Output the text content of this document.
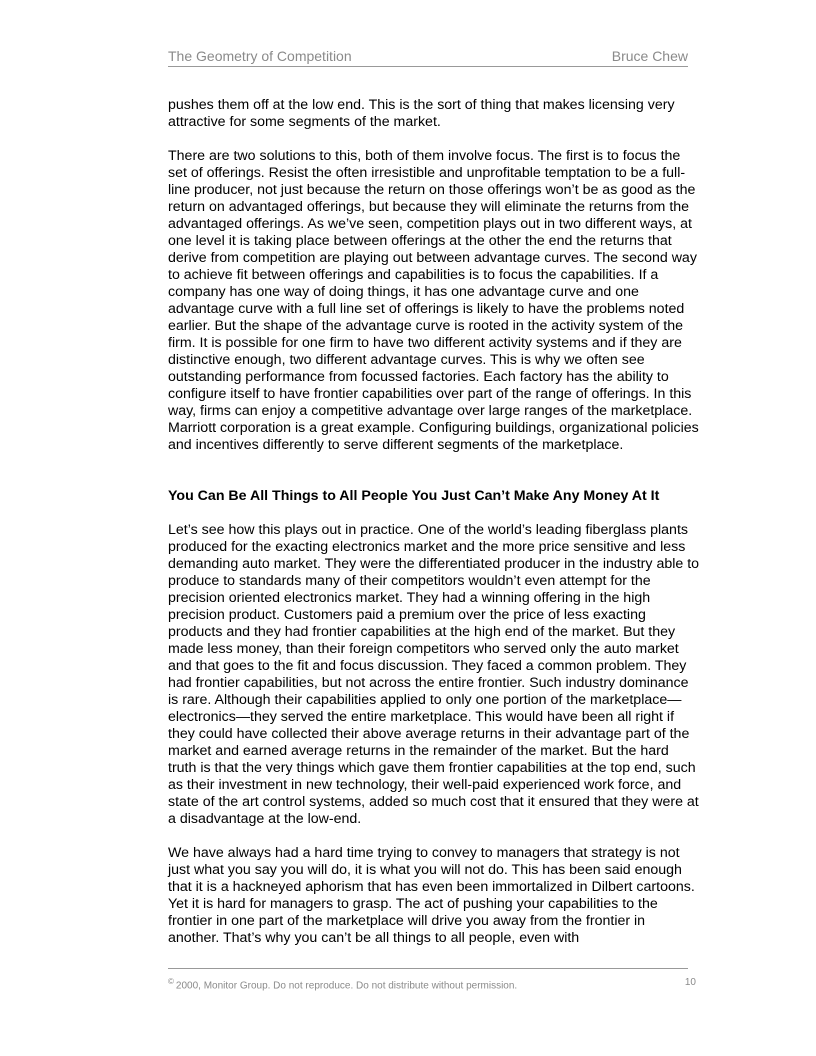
The Geometry of Competition	Bruce Chew

pushes them off at the low end. This is the sort of thing that makes licensing very attractive for some segments of the market.

There are two solutions to this, both of them involve focus. The first is to focus the set of offerings. Resist the often irresistible and unprofitable temptation to be a full-line producer, not just because the return on those offerings won’t be as good as the return on advantaged offerings, but because they will eliminate the returns from the advantaged offerings. As we’ve seen, competition plays out in two different ways, at one level it is taking place between offerings at the other the end the returns that derive from competition are playing out between advantage curves. The second way to achieve fit between offerings and capabilities is to focus the capabilities. If a company has one way of doing things, it has one advantage curve and one advantage curve with a full line set of offerings is likely to have the problems noted earlier. But the shape of the advantage curve is rooted in the activity system of the firm. It is possible for one firm to have two different activity systems and if they are distinctive enough, two different advantage curves. This is why we often see outstanding performance from focussed factories. Each factory has the ability to configure itself to have frontier capabilities over part of the range of offerings. In this way, firms can enjoy a competitive advantage over large ranges of the marketplace. Marriott corporation is a great example. Configuring buildings, organizational policies and incentives differently to serve different segments of the marketplace.

You Can Be All Things to All People You Just Can’t Make Any Money At It

Let’s see how this plays out in practice. One of the world’s leading fiberglass plants produced for the exacting electronics market and the more price sensitive and less demanding auto market. They were the differentiated producer in the industry able to produce to standards many of their competitors wouldn’t even attempt for the precision oriented electronics market. They had a winning offering in the high precision product. Customers paid a premium over the price of less exacting products and they had frontier capabilities at the high end of the market. But they made less money, than their foreign competitors who served only the auto market and that goes to the fit and focus discussion. They faced a common problem. They had frontier capabilities, but not across the entire frontier. Such industry dominance is rare. Although their capabilities applied to only one portion of the marketplace—electronics—they served the entire marketplace. This would have been all right if they could have collected their above average returns in their advantage part of the market and earned average returns in the remainder of the market. But the hard truth is that the very things which gave them frontier capabilities at the top end, such as their investment in new technology, their well-paid experienced work force, and state of the art control systems, added so much cost that it ensured that they were at a disadvantage at the low-end.

We have always had a hard time trying to convey to managers that strategy is not just what you say you will do, it is what you will not do. This has been said enough that it is a hackneyed aphorism that has even been immortalized in Dilbert cartoons. Yet it is hard for managers to grasp. The act of pushing your capabilities to the frontier in one part of the marketplace will drive you away from the frontier in another. That’s why you can’t be all things to all people, even with

© 2000, Monitor Group. Do not reproduce. Do not distribute without permission.	10
